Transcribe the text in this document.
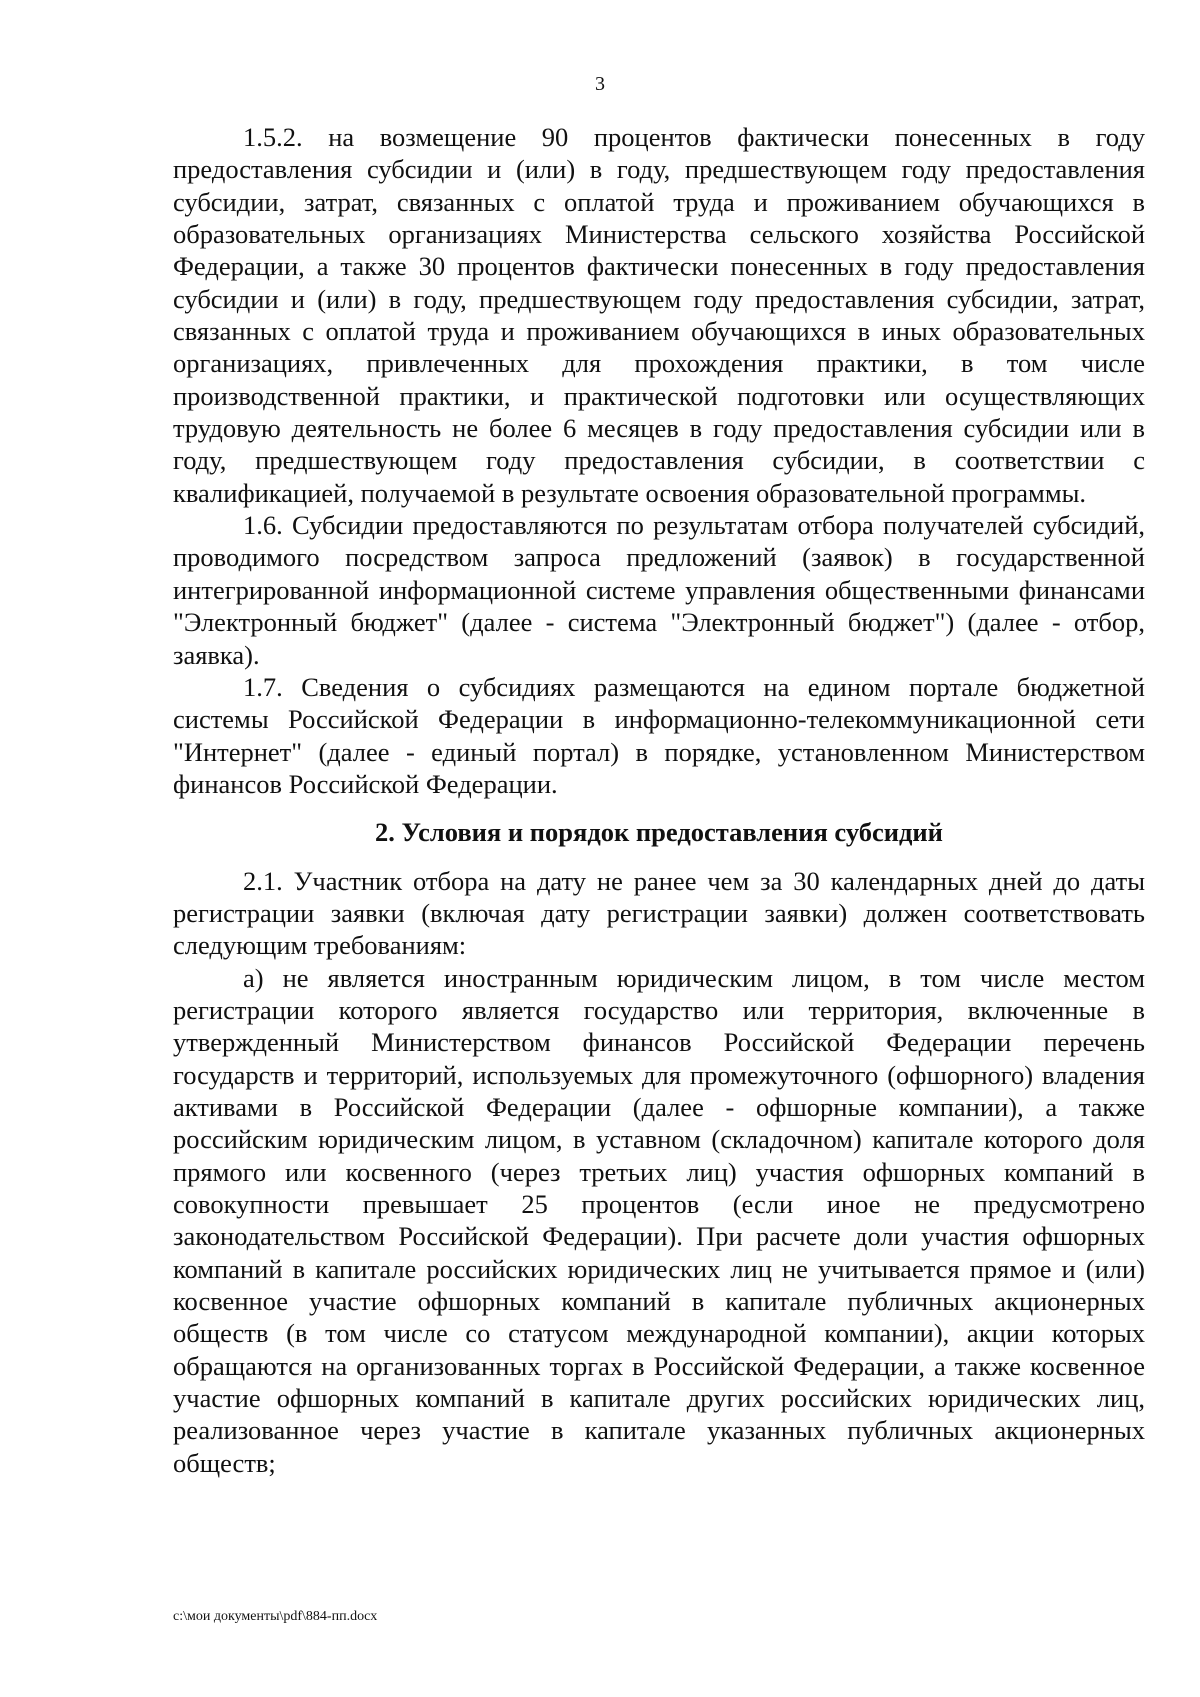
3

1.5.2. на возмещение 90 процентов фактически понесенных в году предоставления субсидии и (или) в году, предшествующем году предоставления субсидии, затрат, связанных с оплатой труда и проживанием обучающихся в образовательных организациях Министерства сельского хозяйства Российской Федерации, а также 30 процентов фактически понесенных в году предоставления субсидии и (или) в году, предшествующем году предоставления субсидии, затрат, связанных с оплатой труда и проживанием обучающихся в иных образовательных организациях, привлеченных для прохождения практики, в том числе производственной практики, и практической подготовки или осуществляющих трудовую деятельность не более 6 месяцев в году предоставления субсидии или в году, предшествующем году предоставления субсидии, в соответствии с квалификацией, получаемой в результате освоения образовательной программы.

1.6. Субсидии предоставляются по результатам отбора получателей субсидий, проводимого посредством запроса предложений (заявок) в государственной интегрированной информационной системе управления общественными финансами "Электронный бюджет" (далее - система "Электронный бюджет") (далее - отбор, заявка).

1.7. Сведения о субсидиях размещаются на едином портале бюджетной системы Российской Федерации в информационно-телекоммуникационной сети "Интернет" (далее - единый портал) в порядке, установленном Министерством финансов Российской Федерации.

2. Условия и порядок предоставления субсидий

2.1. Участник отбора на дату не ранее чем за 30 календарных дней до даты регистрации заявки (включая дату регистрации заявки) должен соответствовать следующим требованиям:

а) не является иностранным юридическим лицом, в том числе местом регистрации которого является государство или территория, включенные в утвержденный Министерством финансов Российской Федерации перечень государств и территорий, используемых для промежуточного (офшорного) владения активами в Российской Федерации (далее - офшорные компании), а также российским юридическим лицом, в уставном (складочном) капитале которого доля прямого или косвенного (через третьих лиц) участия офшорных компаний в совокупности превышает 25 процентов (если иное не предусмотрено законодательством Российской Федерации). При расчете доли участия офшорных компаний в капитале российских юридических лиц не учитывается прямое и (или) косвенное участие офшорных компаний в капитале публичных акционерных обществ (в том числе со статусом международной компании), акции которых обращаются на организованных торгах в Российской Федерации, а также косвенное участие офшорных компаний в капитале других российских юридических лиц, реализованное через участие в капитале указанных публичных акционерных обществ;

c:\мои документы\pdf\884-пп.docx
